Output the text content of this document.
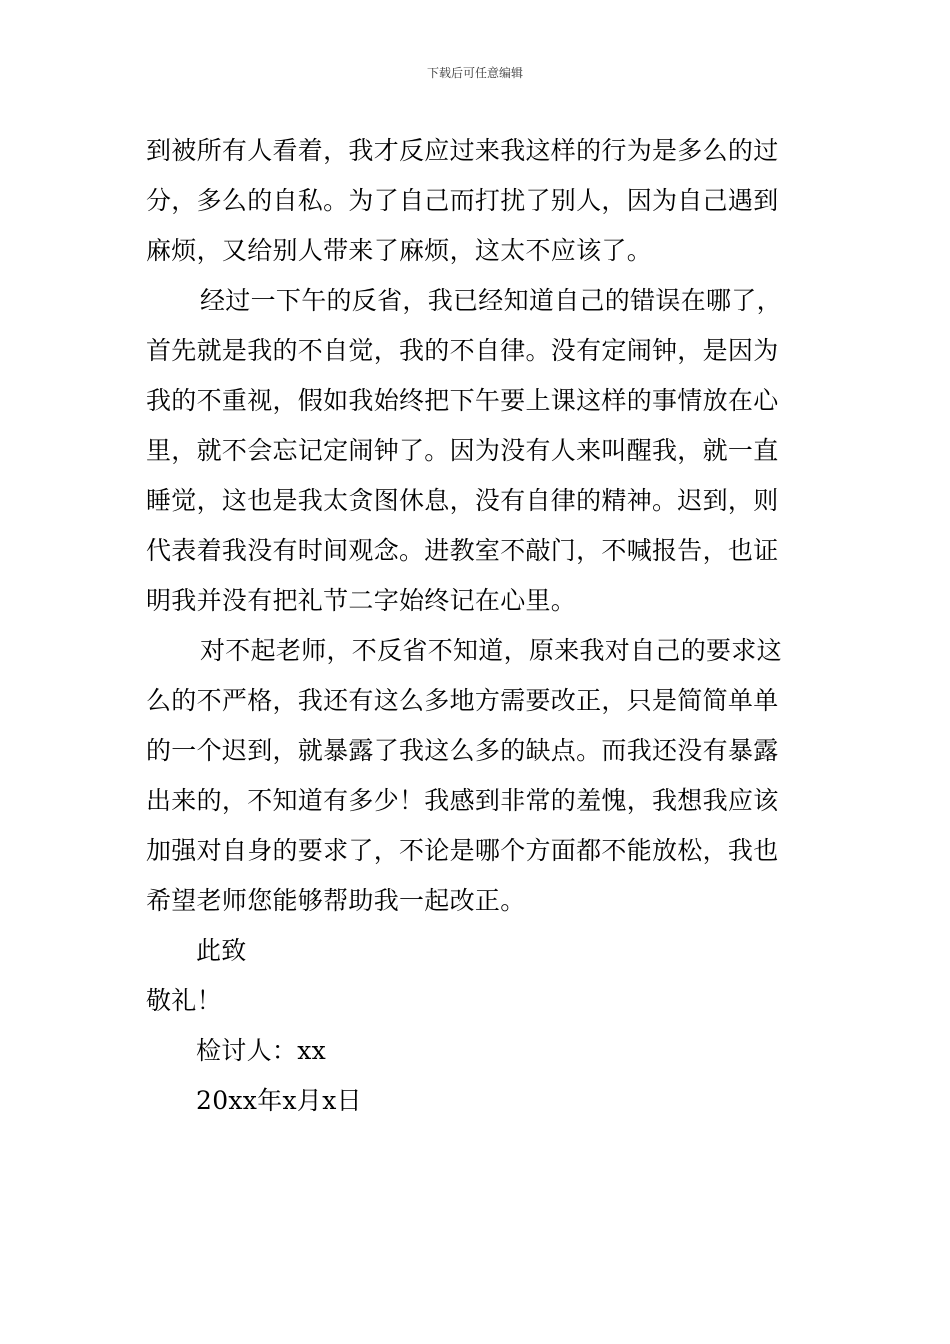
下载后可任意编辑
到被所有人看着，我才反应过来我这样的行为是多么的过
分，多么的自私。为了自己而打扰了别人，因为自己遇到
麻烦，又给别人带来了麻烦，这太不应该了。
经过一下午的反省，我已经知道自己的错误在哪了，
首先就是我的不自觉，我的不自律。没有定闹钟，是因为
我的不重视，假如我始终把下午要上课这样的事情放在心
里，就不会忘记定闹钟了。因为没有人来叫醒我，就一直
睡觉，这也是我太贪图休息，没有自律的精神。迟到，则
代表着我没有时间观念。进教室不敲门，不喊报告，也证
明我并没有把礼节二字始终记在心里。
对不起老师，不反省不知道，原来我对自己的要求这
么的不严格，我还有这么多地方需要改正，只是简简单单
的一个迟到，就暴露了我这么多的缺点。而我还没有暴露
出来的，不知道有多少！我感到非常的羞愧，我想我应该
加强对自身的要求了，不论是哪个方面都不能放松，我也
希望老师您能够帮助我一起改正。
此致
敬礼！
检讨人：xx
20xx年x月x日
